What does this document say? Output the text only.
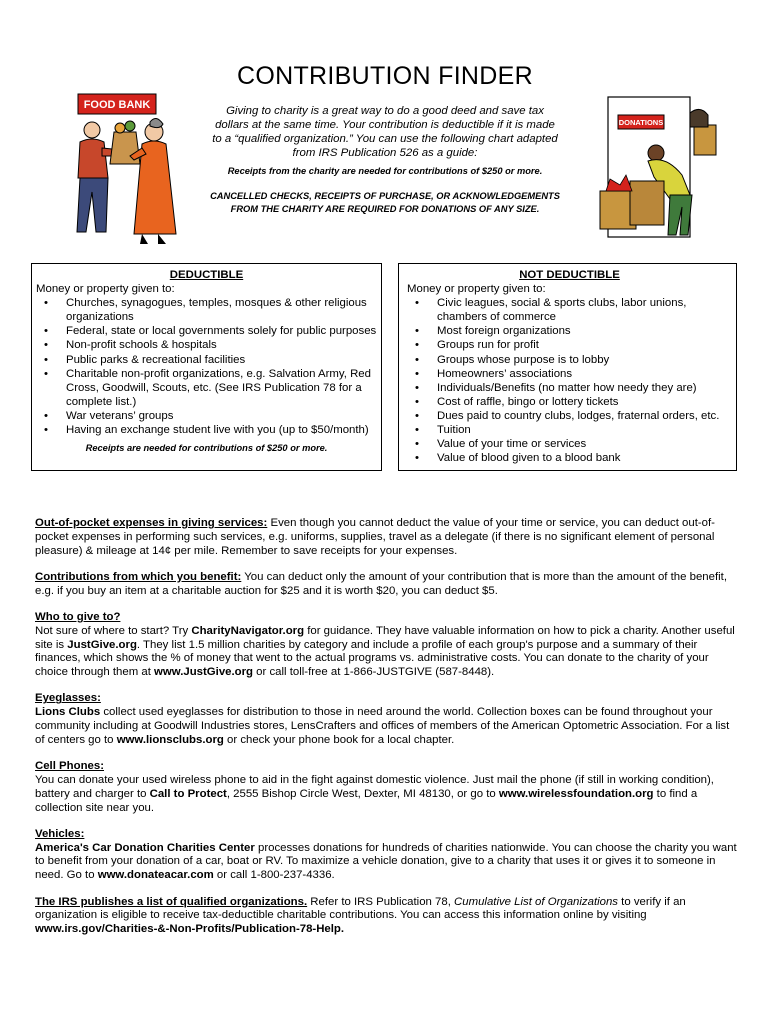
CONTRIBUTION FINDER
FOOD BANK
DONATIONS
Giving to charity is a great way to do a good deed and save tax dollars at the same time. Your contribution is deductible if it is made to a “qualified organization.” You can use the following chart adapted from IRS Publication 526 as a guide:
Receipts from the charity are needed for contributions of $250 or more.
CANCELLED CHECKS, RECEIPTS OF PURCHASE, OR ACKNOWLEDGEMENTS FROM THE CHARITY ARE REQUIRED FOR DONATIONS OF ANY SIZE.
DEDUCTIBLE
Money or property given to:
• Churches, synagogues, temples, mosques & other religious organizations
• Federal, state or local governments solely for public purposes
• Non-profit schools & hospitals
• Public parks & recreational facilities
• Charitable non-profit organizations, e.g. Salvation Army, Red Cross, Goodwill, Scouts, etc. (See IRS Publication 78 for a complete list.)
• War veterans’ groups
• Having an exchange student live with you (up to $50/month)
Receipts are needed for contributions of $250 or more.
NOT DEDUCTIBLE
Money or property given to:
• Civic leagues, social & sports clubs, labor unions, chambers of commerce
• Most foreign organizations
• Groups run for profit
• Groups whose purpose is to lobby
• Homeowners’ associations
• Individuals/Benefits (no matter how needy they are)
• Cost of raffle, bingo or lottery tickets
• Dues paid to country clubs, lodges, fraternal orders, etc.
• Tuition
• Value of your time or services
• Value of blood given to a blood bank
Out-of-pocket expenses in giving services: Even though you cannot deduct the value of your time or service, you can deduct out-of-pocket expenses in performing such services, e.g. uniforms, supplies, travel as a delegate (if there is no significant element of personal pleasure) & mileage at 14¢ per mile. Remember to save receipts for your expenses.
Contributions from which you benefit: You can deduct only the amount of your contribution that is more than the amount of the benefit, e.g. if you buy an item at a charitable auction for $25 and it is worth $20, you can deduct $5.
Who to give to?
Not sure of where to start? Try CharityNavigator.org for guidance. They have valuable information on how to pick a charity. Another useful site is JustGive.org. They list 1.5 million charities by category and include a profile of each group's purpose and a summary of their finances, which shows the % of money that went to the actual programs vs. administrative costs. You can donate to the charity of your choice through them at www.JustGive.org or call toll-free at 1-866-JUSTGIVE (587-8448).
Eyeglasses:
Lions Clubs collect used eyeglasses for distribution to those in need around the world. Collection boxes can be found throughout your community including at Goodwill Industries stores, LensCrafters and offices of members of the American Optometric Association. For a list of centers go to www.lionsclubs.org or check your phone book for a local chapter.
Cell Phones:
You can donate your used wireless phone to aid in the fight against domestic violence. Just mail the phone (if still in working condition), battery and charger to Call to Protect, 2555 Bishop Circle West, Dexter, MI 48130, or go to www.wirelessfoundation.org to find a collection site near you.
Vehicles:
America's Car Donation Charities Center processes donations for hundreds of charities nationwide. You can choose the charity you want to benefit from your donation of a car, boat or RV. To maximize a vehicle donation, give to a charity that uses it or gives it to someone in need. Go to www.donateacar.com or call 1-800-237-4336.
The IRS publishes a list of qualified organizations. Refer to IRS Publication 78, Cumulative List of Organizations to verify if an organization is eligible to receive tax-deductible charitable contributions. You can access this information online by visiting
www.irs.gov/Charities-&-Non-Profits/Publication-78-Help.
